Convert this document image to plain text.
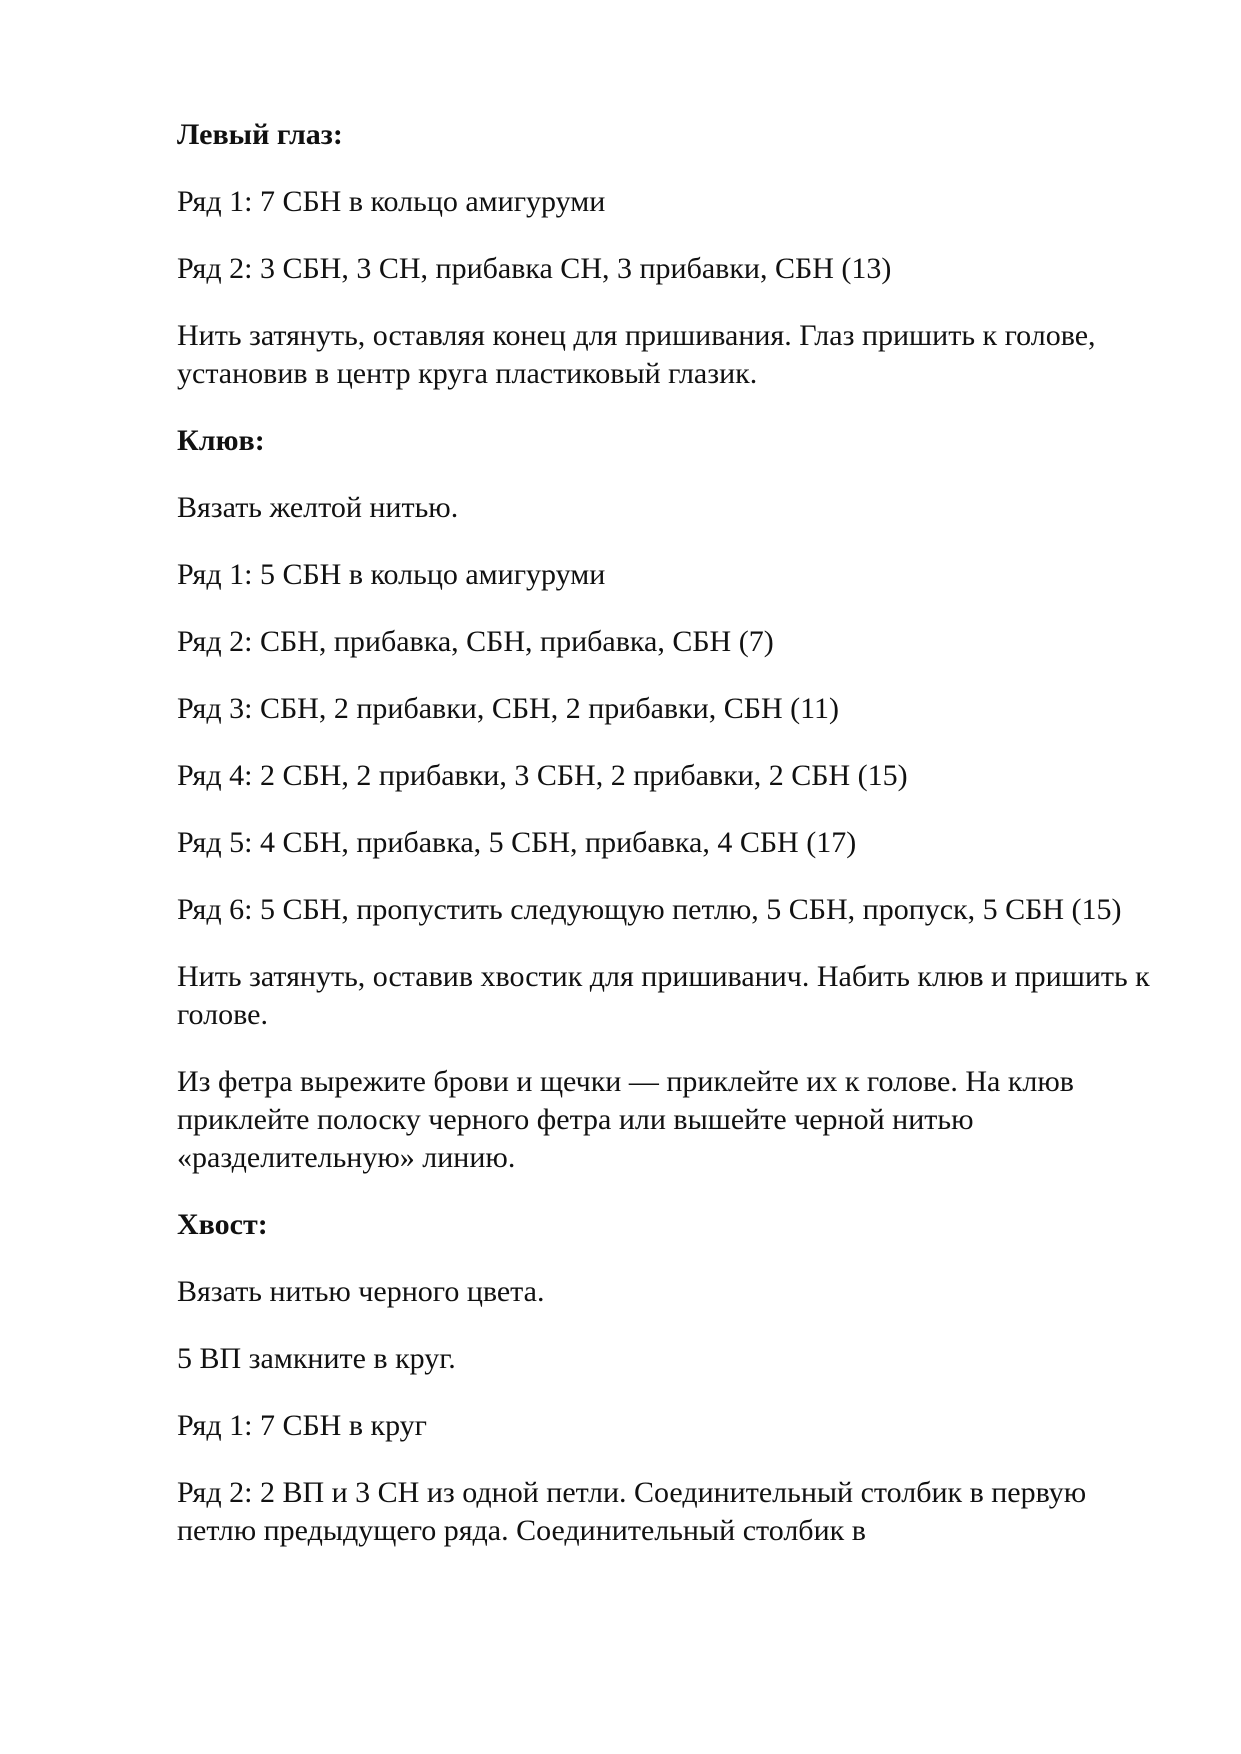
Левый глаз:

Ряд 1: 7 СБН в кольцо амигуруми

Ряд 2: 3 СБН, 3 СН, прибавка СН, 3 прибавки, СБН (13)

Нить затянуть, оставляя конец для пришивания. Глаз пришить к голове, установив в центр круга пластиковый глазик.

Клюв:

Вязать желтой нитью.

Ряд 1: 5 СБН в кольцо амигуруми

Ряд 2: СБН, прибавка, СБН, прибавка, СБН (7)

Ряд 3: СБН, 2 прибавки, СБН, 2 прибавки, СБН (11)

Ряд 4: 2 СБН, 2 прибавки, 3 СБН, 2 прибавки, 2 СБН (15)

Ряд 5: 4 СБН, прибавка, 5 СБН, прибавка, 4 СБН (17)

Ряд 6: 5 СБН, пропустить следующую петлю, 5 СБН, пропуск, 5 СБН (15)

Нить затянуть, оставив хвостик для пришиванич. Набить клюв и пришить к голове.

Из фетра вырежите брови и щечки — приклейте их к голове. На клюв приклейте полоску черного фетра или вышейте черной нитью «разделительную» линию.

Хвост:

Вязать нитью черного цвета.

5 ВП замкните в круг.

Ряд 1: 7 СБН в круг

Ряд 2: 2 ВП и 3 СН из одной петли. Соединительный столбик в первую петлю предыдущего ряда. Соединительный столбик в
